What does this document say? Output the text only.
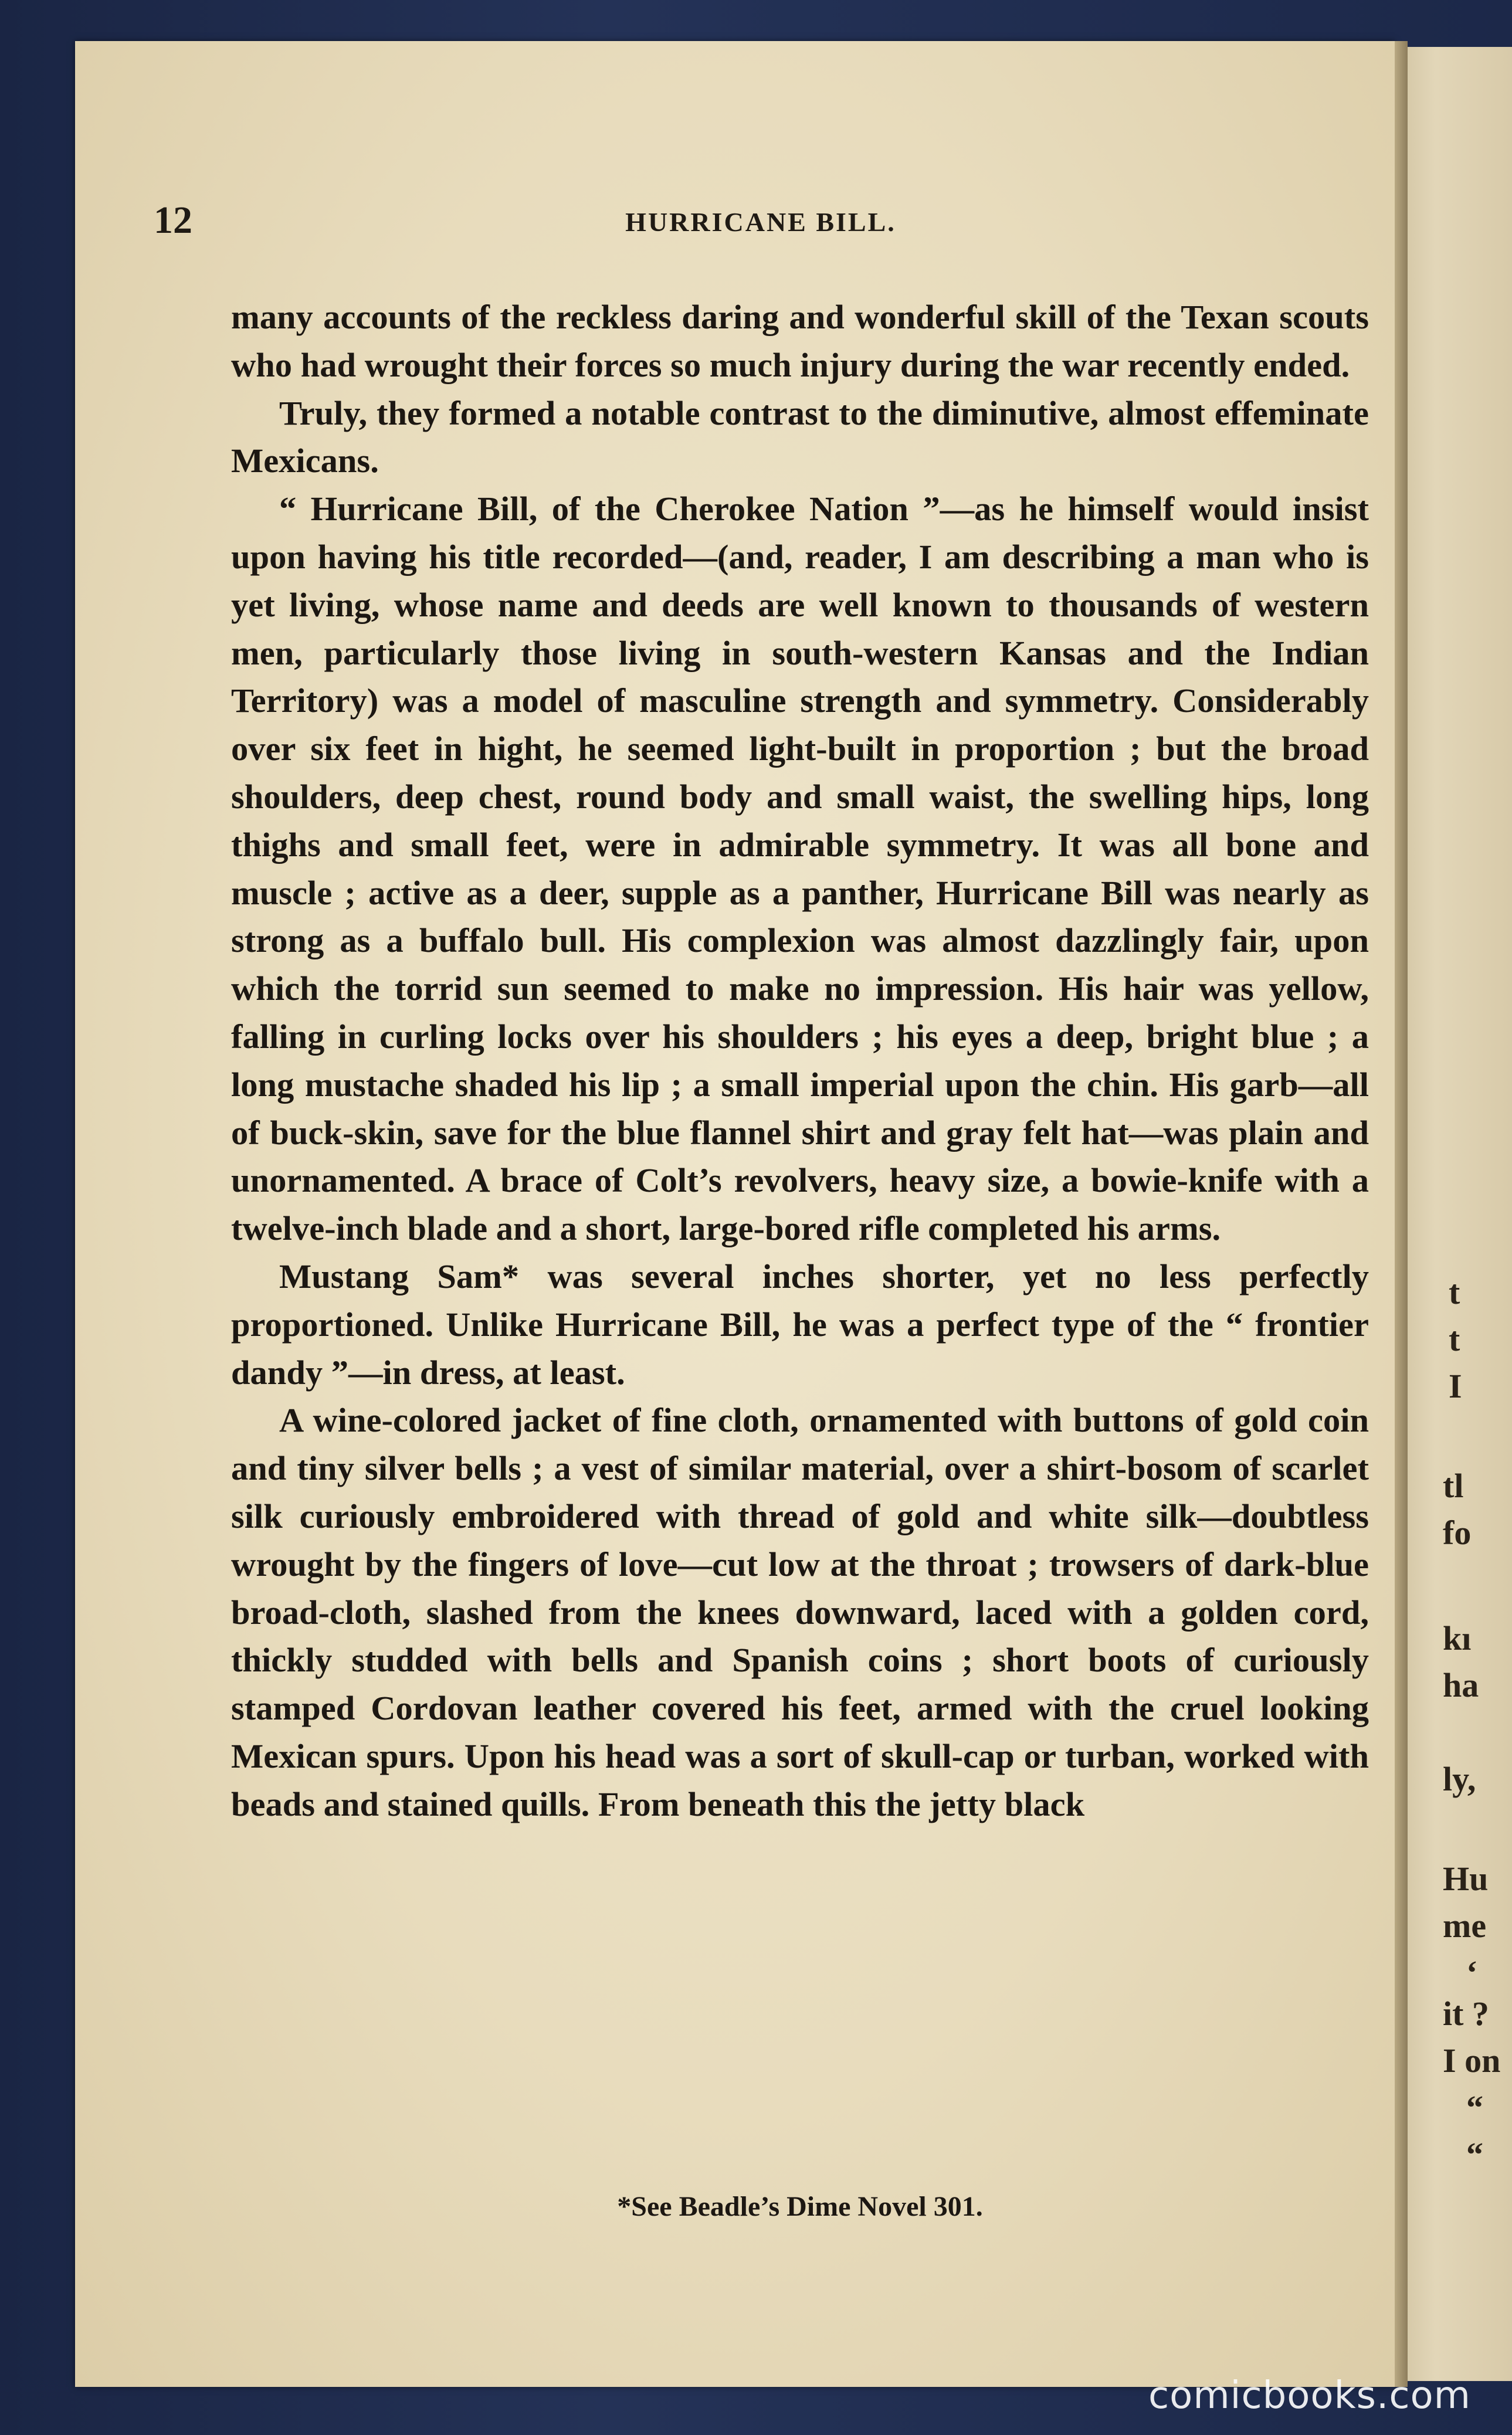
t
t
I
tl
fo
kı
ha
ly,
Hu
me
‘
it ?
I on
“
“
12	HURRICANE BILL.

many accounts of the reckless daring and wonderful skill of the Texan scouts who had wrought their forces so much injury during the war recently ended.

Truly, they formed a notable contrast to the diminutive, almost effeminate Mexicans.

“ Hurricane Bill, of the Cherokee Nation ”—as he himself would insist upon having his title recorded—(and, reader, I am describing a man who is yet living, whose name and deeds are well known to thousands of western men, particularly those living in south-western Kansas and the Indian Territory) was a model of masculine strength and symmetry. Considerably over six feet in hight, he seemed light-built in proportion ; but the broad shoulders, deep chest, round body and small waist, the swelling hips, long thighs and small feet, were in admirable symmetry. It was all bone and muscle ; active as a deer, supple as a panther, Hurricane Bill was nearly as strong as a buffalo bull. His complexion was almost dazzlingly fair, upon which the torrid sun seemed to make no impression. His hair was yellow, falling in curling locks over his shoulders ; his eyes a deep, bright blue ; a long mustache shaded his lip ; a small imperial upon the chin. His garb—all of buck-skin, save for the blue flannel shirt and gray felt hat—was plain and unornamented. A brace of Colt’s revolvers, heavy size, a bowie-knife with a twelve-inch blade and a short, large-bored rifle completed his arms.

Mustang Sam* was several inches shorter, yet no less perfectly proportioned. Unlike Hurricane Bill, he was a perfect type of the “ frontier dandy ”—in dress, at least.

A wine-colored jacket of fine cloth, ornamented with buttons of gold coin and tiny silver bells ; a vest of similar material, over a shirt-bosom of scarlet silk curiously embroidered with thread of gold and white silk—doubtless wrought by the fingers of love—cut low at the throat ; trowsers of dark-blue broad-cloth, slashed from the knees downward, laced with a golden cord, thickly studded with bells and Spanish coins ; short boots of curiously stamped Cordovan leather covered his feet, armed with the cruel looking Mexican spurs. Upon his head was a sort of skull-cap or turban, worked with beads and stained quills. From beneath this the jetty black

*See Beadle’s Dime Novel 301.
comicbooks.com
